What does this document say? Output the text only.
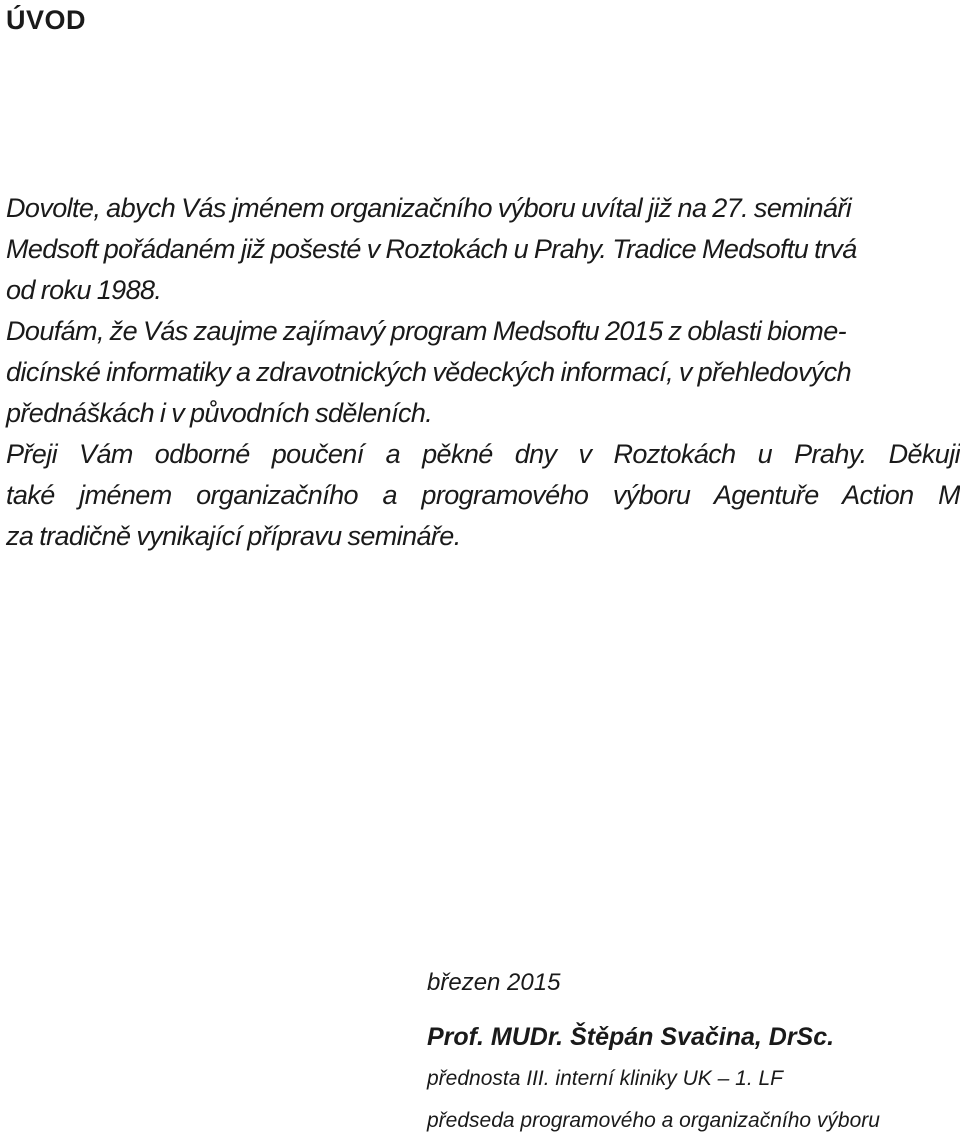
ÚVOD
Dovolte, abych Vás jménem organizačního výboru uvítal již na 27. semináři
Medsoft pořádaném již pošesté v Roztokách u Prahy. Tradice Medsoftu trvá
od roku 1988.
Doufám, že Vás zaujme zajímavý program Medsoftu 2015 z oblasti biome-
dicínské informatiky a zdravotnických vědeckých informací, v přehledových
přednáškách i v původních sděleních.
Přeji Vám odborné poučení a pěkné dny v Roztokách u Prahy. Děkuji
také jménem organizačního a programového výboru Agentuře Action M
za tradičně vynikající přípravu semináře.
březen 2015
Prof. MUDr. Štěpán Svačina, DrSc.
přednosta III. interní kliniky UK – 1. LF
předseda programového a organizačního výboru
